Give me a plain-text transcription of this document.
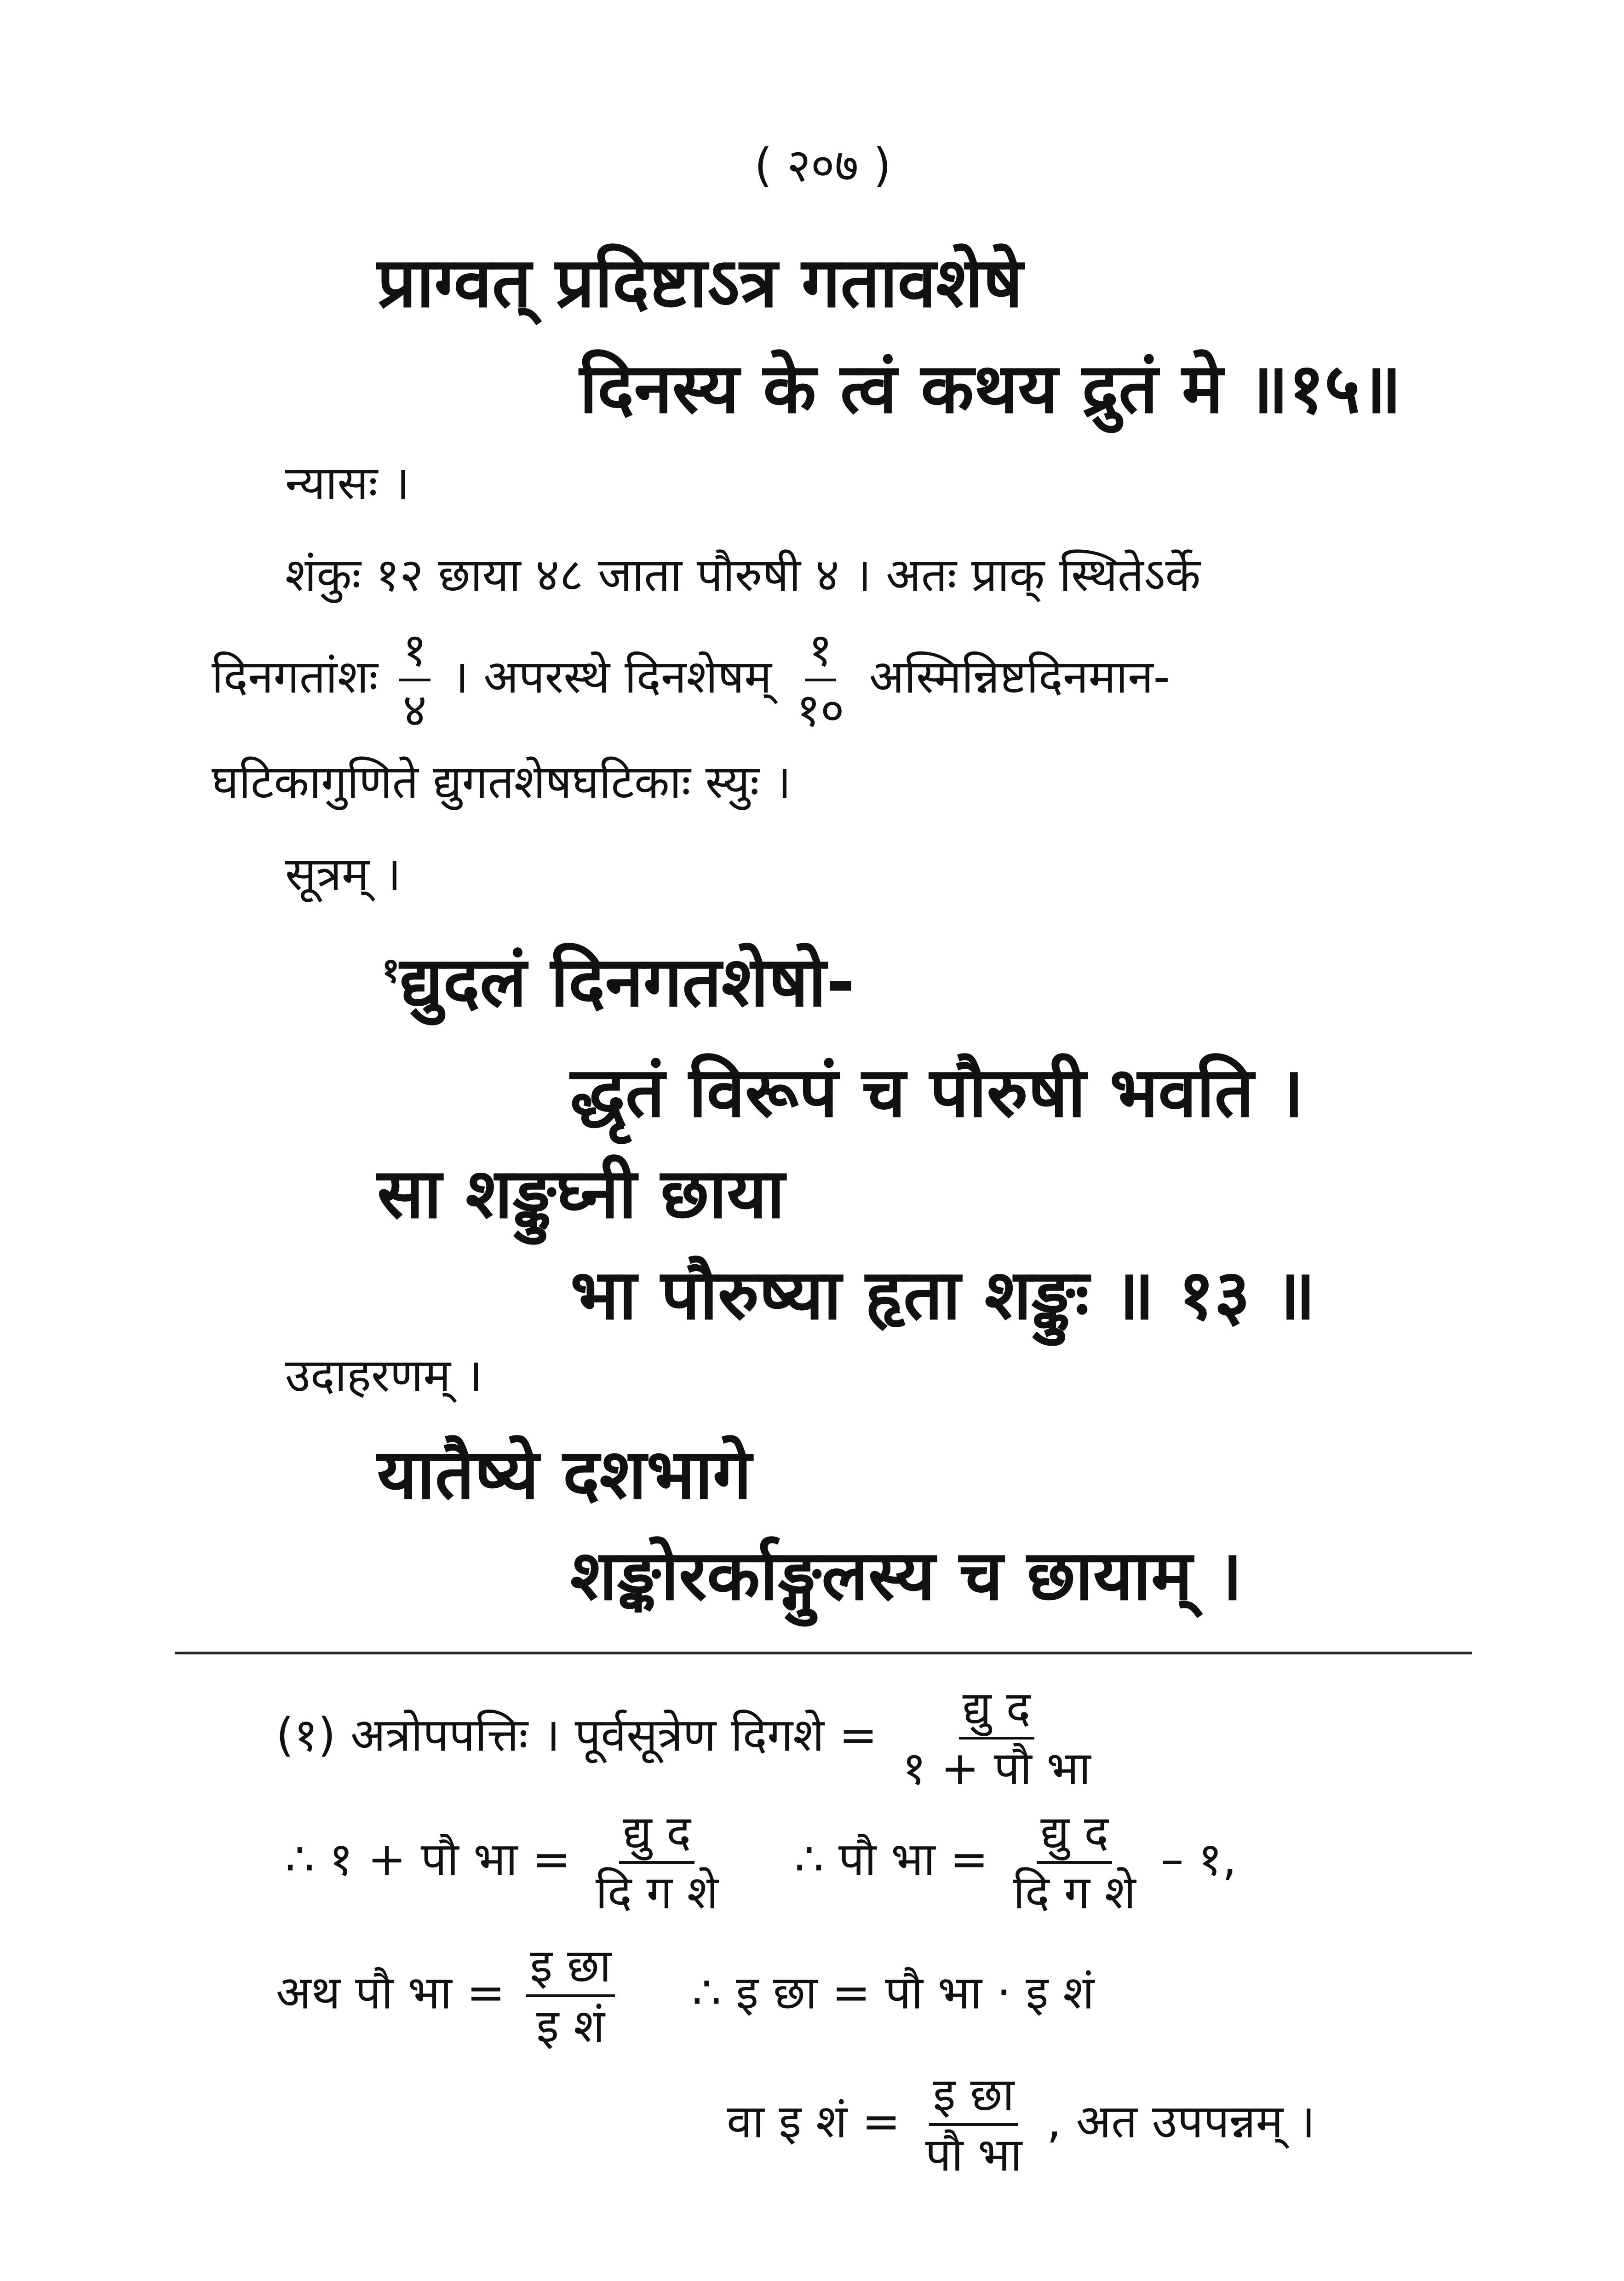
( २०७ )
प्राग्वत् प्रदिष्टाऽत्र गतावशेषे
दिनस्य के त्वं कथय द्रुतं मे ॥१५॥
न्यासः ।
शंकुः १२ छाया ४८ जाता पौरुषी ४ । अतः प्राक् स्थितेऽर्के
दिनगतांशः $\frac{१}{४}$ । अपरस्थे दिनशेषम् $\frac{१}{१०}$ अस्मिन्निष्टदिनमान-
घटिकागुणिते द्युगतशेषघटिकाः स्युः ।
सूत्रम् ।
$^१$द्युदलं दिनगतशेषो-
द्धृतं विरूपं च पौरुषी भवति ।
सा शङ्कुघ्नी छाया
भा पौरुष्या हृता शङ्कुः ॥ १३ ॥
उदाहरणम् ।
यातैष्ये दशभागे
शङ्कोरर्काङ्गुलस्य च छायाम् ।
(१) अत्रोपपत्तिः । पूर्वसूत्रेण दिगशे = $\frac{\text{द्यु द}}{\text{१ + पौ भा}}$
∴ १ + पौ भा = $\frac{\text{द्यु द}}{\text{दि ग शे}}$ ∴ पौ भा = $\frac{\text{द्यु द}}{\text{दि ग शे}}$ – १,
अथ पौ भा = $\frac{\text{इ छा}}{\text{इ शं}}$ ∴ इ छा = पौ भा · इ शं
वा इ शं = $\frac{\text{इ छा}}{\text{पौ भा}}$ , अत उपपन्नम् ।
